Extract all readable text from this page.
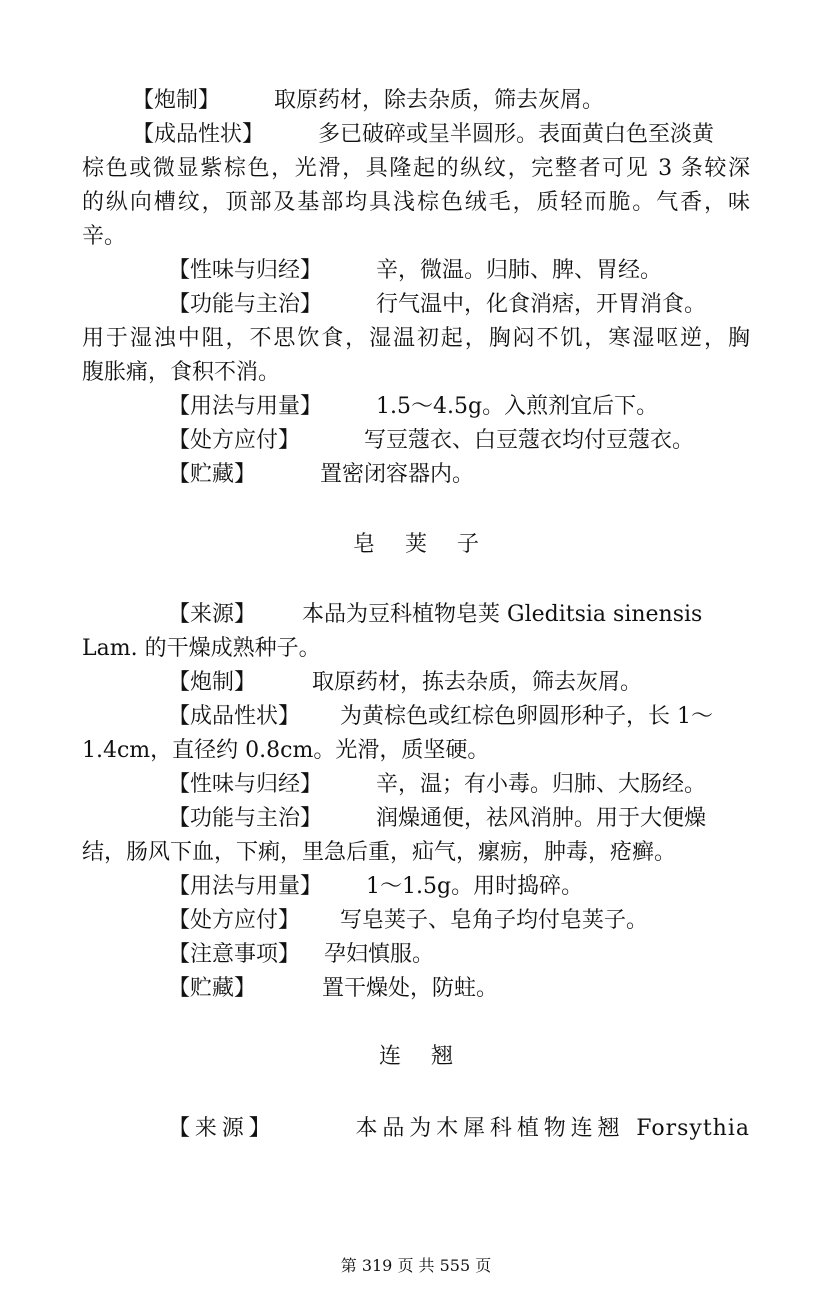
【炮制】 取原药材，除去杂质，筛去灰屑。
【成品性状】 多已破碎或呈半圆形。表面黄白色至淡黄
棕色或微显紫棕色，光滑，具隆起的纵纹，完整者可见 3 条较深
的纵向槽纹，顶部及基部均具浅棕色绒毛，质轻而脆。气香，味
辛。
【性味与归经】 辛，微温。归肺、脾、胃经。
【功能与主治】 行气温中，化食消痞，开胃消食。
用于湿浊中阻，不思饮食，湿温初起，胸闷不饥，寒湿呕逆，胸
腹胀痛，食积不消。
【用法与用量】 1.5～4.5g。入煎剂宜后下。
【处方应付】	写豆蔻衣、白豆蔻衣均付豆蔻衣。
【贮藏】	置密闭容器内。
皂荚子
【来源】 本品为豆科植物皂荚 Gleditsia sinensis
Lam. 的干燥成熟种子。
【炮制】	取原药材，拣去杂质，筛去灰屑。
【成品性状】 为黄棕色或红棕色卵圆形种子，长 1～
1.4cm，直径约 0.8cm。光滑，质坚硬。
【性味与归经】 辛，温；有小毒。归肺、大肠经。
【功能与主治】 润燥通便，祛风消肿。用于大便燥
结，肠风下血，下痢，里急后重，疝气，瘰疬，肿毒，疮癣。
【用法与用量】 1～1.5g。用时捣碎。
【处方应付】 写皂荚子、皂角子均付皂荚子。
【注意事项】 孕妇慎服。
【贮藏】	置干燥处，防蛀。
连翘
【来源】	本品为木犀科植物连翘 Forsythia
第 319 页 共 555 页
